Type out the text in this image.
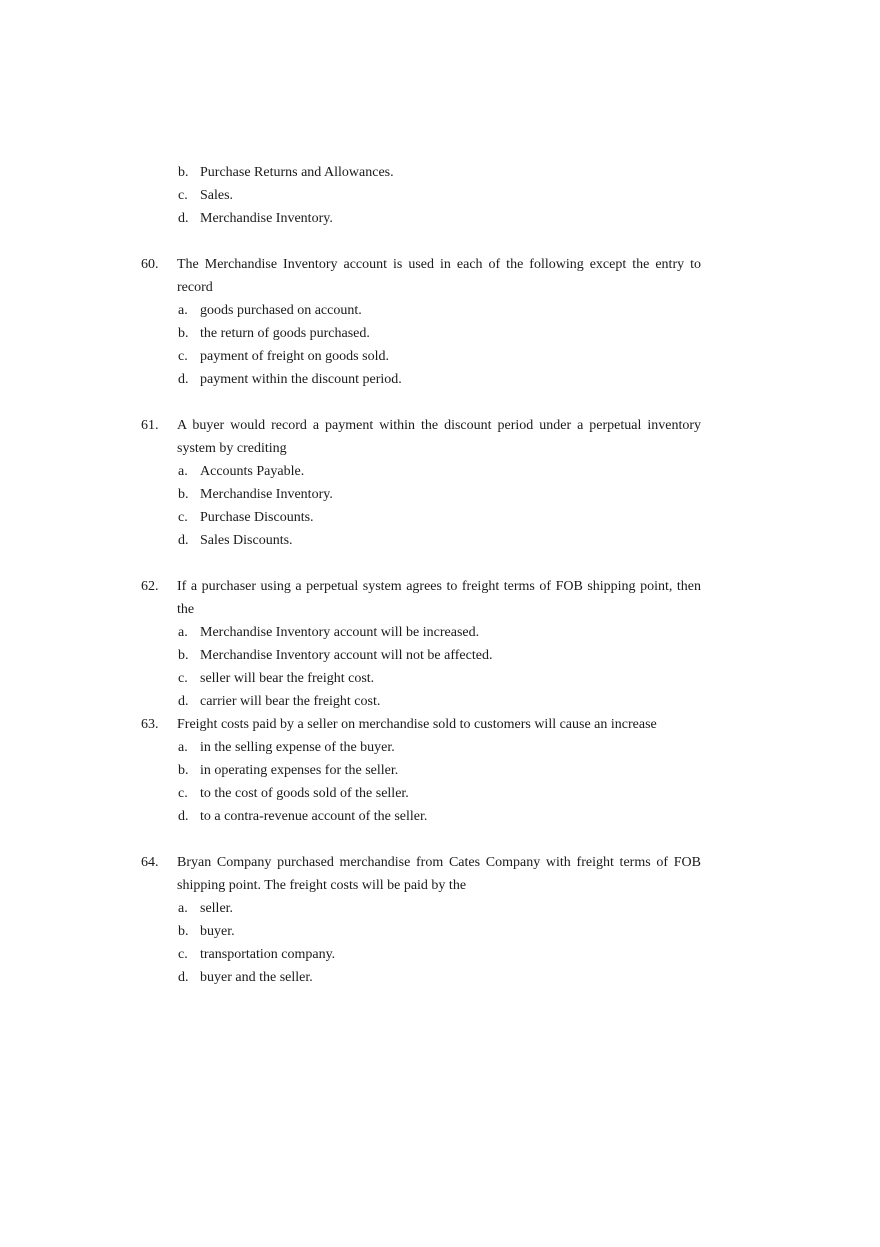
b. Purchase Returns and Allowances.
c. Sales.
d. Merchandise Inventory.
60. The Merchandise Inventory account is used in each of the following except the entry to record
a. goods purchased on account.
b. the return of goods purchased.
c. payment of freight on goods sold.
d. payment within the discount period.
61. A buyer would record a payment within the discount period under a perpetual inventory system by crediting
a. Accounts Payable.
b. Merchandise Inventory.
c. Purchase Discounts.
d. Sales Discounts.
62. If a purchaser using a perpetual system agrees to freight terms of FOB shipping point, then the
a. Merchandise Inventory account will be increased.
b. Merchandise Inventory account will not be affected.
c. seller will bear the freight cost.
d. carrier will bear the freight cost.
63. Freight costs paid by a seller on merchandise sold to customers will cause an increase
a. in the selling expense of the buyer.
b. in operating expenses for the seller.
c. to the cost of goods sold of the seller.
d. to a contra-revenue account of the seller.
64. Bryan Company purchased merchandise from Cates Company with freight terms of FOB shipping point. The freight costs will be paid by the
a. seller.
b. buyer.
c. transportation company.
d. buyer and the seller.
